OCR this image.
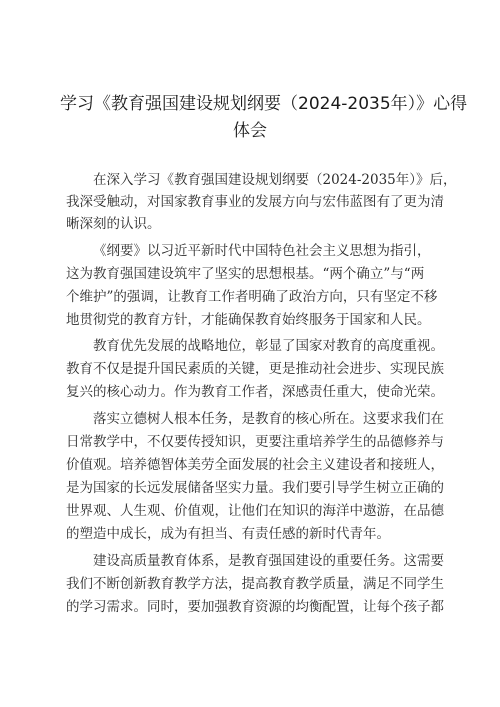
学习《教育强国建设规划纲要（2024-2035年）》心得
体会
在深入学习《教育强国建设规划纲要（2024-2035年）》后，
我深受触动，对国家教育事业的发展方向与宏伟蓝图有了更为清
晰深刻的认识。
《纲要》以习近平新时代中国特色社会主义思想为指引，
这为教育强国建设筑牢了坚实的思想根基。“两个确立”与“两
个维护”的强调，让教育工作者明确了政治方向，只有坚定不移
地贯彻党的教育方针，才能确保教育始终服务于国家和人民。
教育优先发展的战略地位，彰显了国家对教育的高度重视。
教育不仅是提升国民素质的关键，更是推动社会进步、实现民族
复兴的核心动力。作为教育工作者，深感责任重大，使命光荣。
落实立德树人根本任务，是教育的核心所在。这要求我们在
日常教学中，不仅要传授知识，更要注重培养学生的品德修养与
价值观。培养德智体美劳全面发展的社会主义建设者和接班人，
是为国家的长远发展储备坚实力量。我们要引导学生树立正确的
世界观、人生观、价值观，让他们在知识的海洋中遨游，在品德
的塑造中成长，成为有担当、有责任感的新时代青年。
建设高质量教育体系，是教育强国建设的重要任务。这需要
我们不断创新教育教学方法，提高教育教学质量，满足不同学生
的学习需求。同时，要加强教育资源的均衡配置，让每个孩子都
